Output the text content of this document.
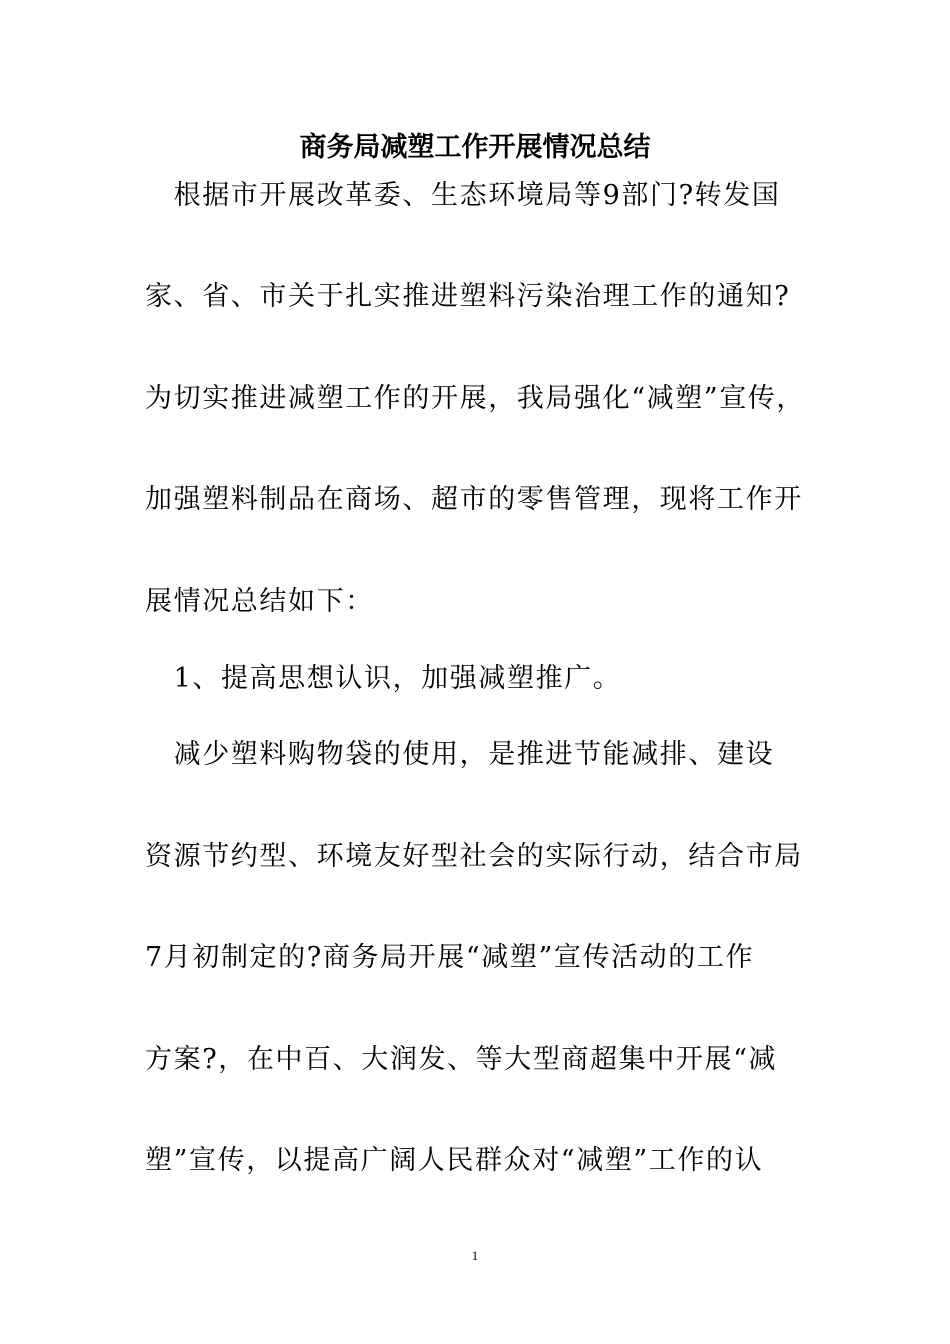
商务局减塑工作开展情况总结
　根据市开展改革委、生态环境局等9部门?转发国
家、省、市关于扎实推进塑料污染治理工作的通知?
为切实推进减塑工作的开展，我局强化“减塑”宣传，
加强塑料制品在商场、超市的零售管理，现将工作开
展情况总结如下：
　1、提高思想认识，加强减塑推广。
　减少塑料购物袋的使用，是推进节能减排、建设
资源节约型、环境友好型社会的实际行动，结合市局
7月初制定的?商务局开展“减塑”宣传活动的工作
方案?，在中百、大润发、等大型商超集中开展“减
塑”宣传，以提高广阔人民群众对“减塑”工作的认
1
